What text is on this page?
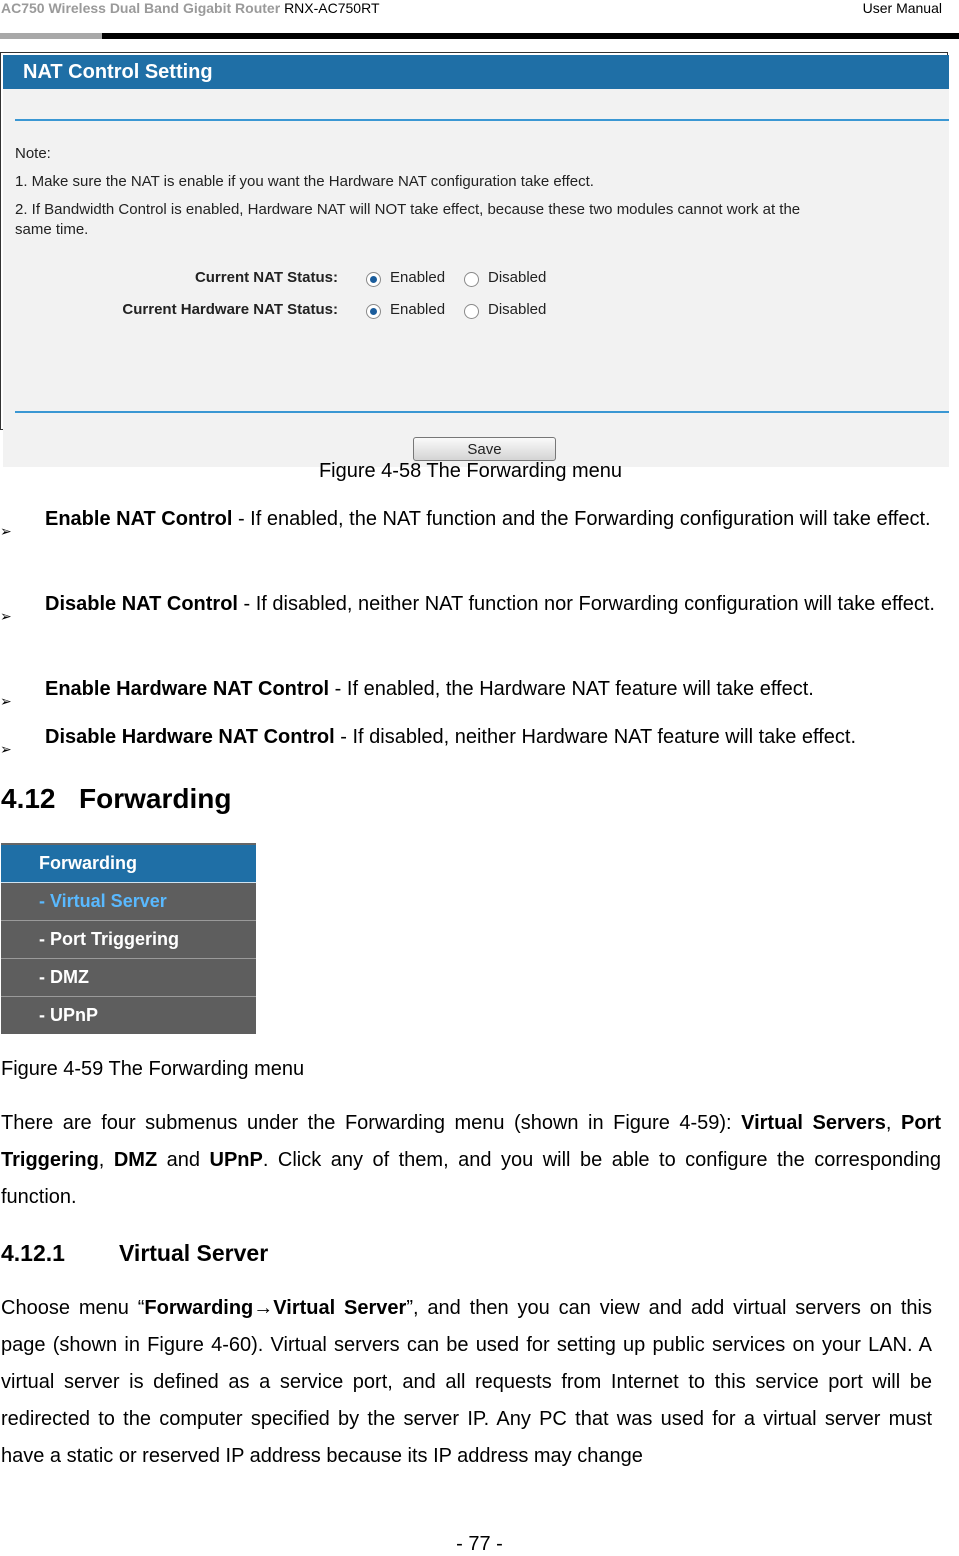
AC750 Wireless Dual Band Gigabit Router RNX-AC750RT	User Manual
NAT Control Setting
Note:
1. Make sure the NAT is enable if you want the Hardware NAT configuration take effect.
2. If Bandwidth Control is enabled, Hardware NAT will NOT take effect, because these two modules cannot work at the
same time.
Current NAT Status:	Enabled	Disabled
Current Hardware NAT Status:	Enabled	Disabled
Save
Figure 4-58 The Forwarding menu
➢
Enable NAT Control - If enabled, the NAT function and the Forwarding configuration will take effect.
➢
Disable NAT Control - If disabled, neither NAT function nor Forwarding configuration will take effect.
➢
Enable Hardware NAT Control - If enabled, the Hardware NAT feature will take effect.
➢
Disable Hardware NAT Control - If disabled, neither Hardware NAT feature will take effect.
4.12 Forwarding
Forwarding
- Virtual Server
- Port Triggering
- DMZ
- UPnP
Figure 4-59 The Forwarding menu
There are four submenus under the Forwarding menu (shown in Figure 4-59): Virtual Servers, Port Triggering, DMZ and UPnP. Click any of them, and you will be able to configure the corresponding function.
4.12.1 Virtual Server
Choose menu “Forwarding→Virtual Server”, and then you can view and add virtual servers on this page (shown in Figure 4-60). Virtual servers can be used for setting up public services on your LAN. A virtual server is defined as a service port, and all requests from Internet to this service port will be redirected to the computer specified by the server IP. Any PC that was used for a virtual server must have a static or reserved IP address because its IP address may change
- 77 -
